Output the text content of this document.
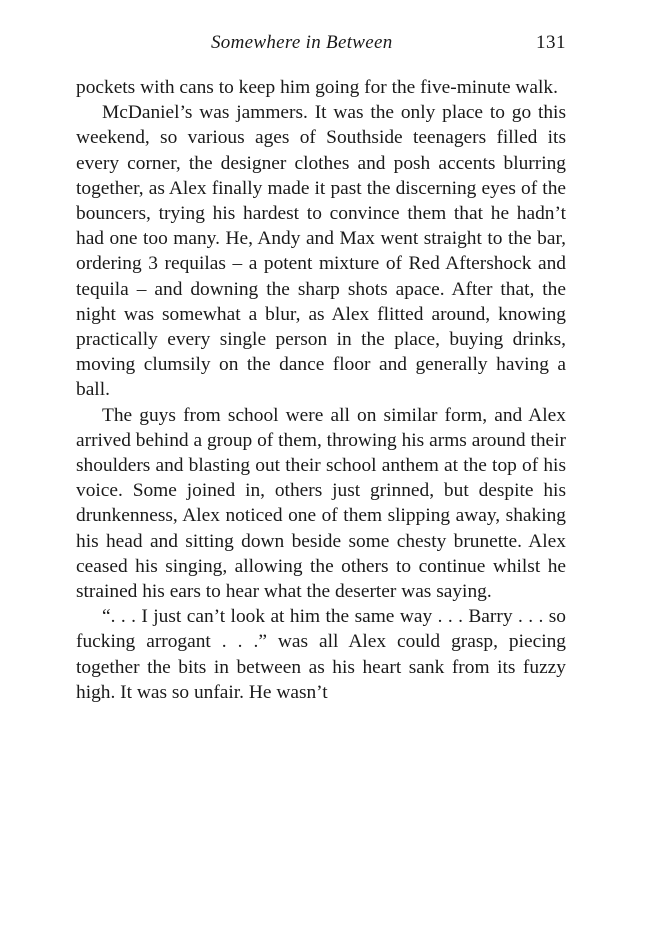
Somewhere in Between	131

pockets with cans to keep him going for the five-minute walk.

McDaniel’s was jammers. It was the only place to go this weekend, so various ages of Southside teenagers filled its every corner, the designer clothes and posh accents blurring together, as Alex finally made it past the discerning eyes of the bouncers, trying his hardest to convince them that he hadn’t had one too many. He, Andy and Max went straight to the bar, ordering 3 requilas – a potent mixture of Red Aftershock and tequila – and downing the sharp shots apace. After that, the night was somewhat a blur, as Alex flitted around, knowing practically every single person in the place, buying drinks, moving clumsily on the dance floor and generally having a ball.

The guys from school were all on similar form, and Alex arrived behind a group of them, throwing his arms around their shoulders and blasting out their school anthem at the top of his voice. Some joined in, others just grinned, but despite his drunkenness, Alex noticed one of them slipping away, shaking his head and sitting down beside some chesty brunette. Alex ceased his singing, allowing the others to continue whilst he strained his ears to hear what the deserter was saying.

“. . . I just can’t look at him the same way . . . Barry . . . so fucking arrogant . . .” was all Alex could grasp, piecing together the bits in between as his heart sank from its fuzzy high. It was so unfair. He wasn’t
